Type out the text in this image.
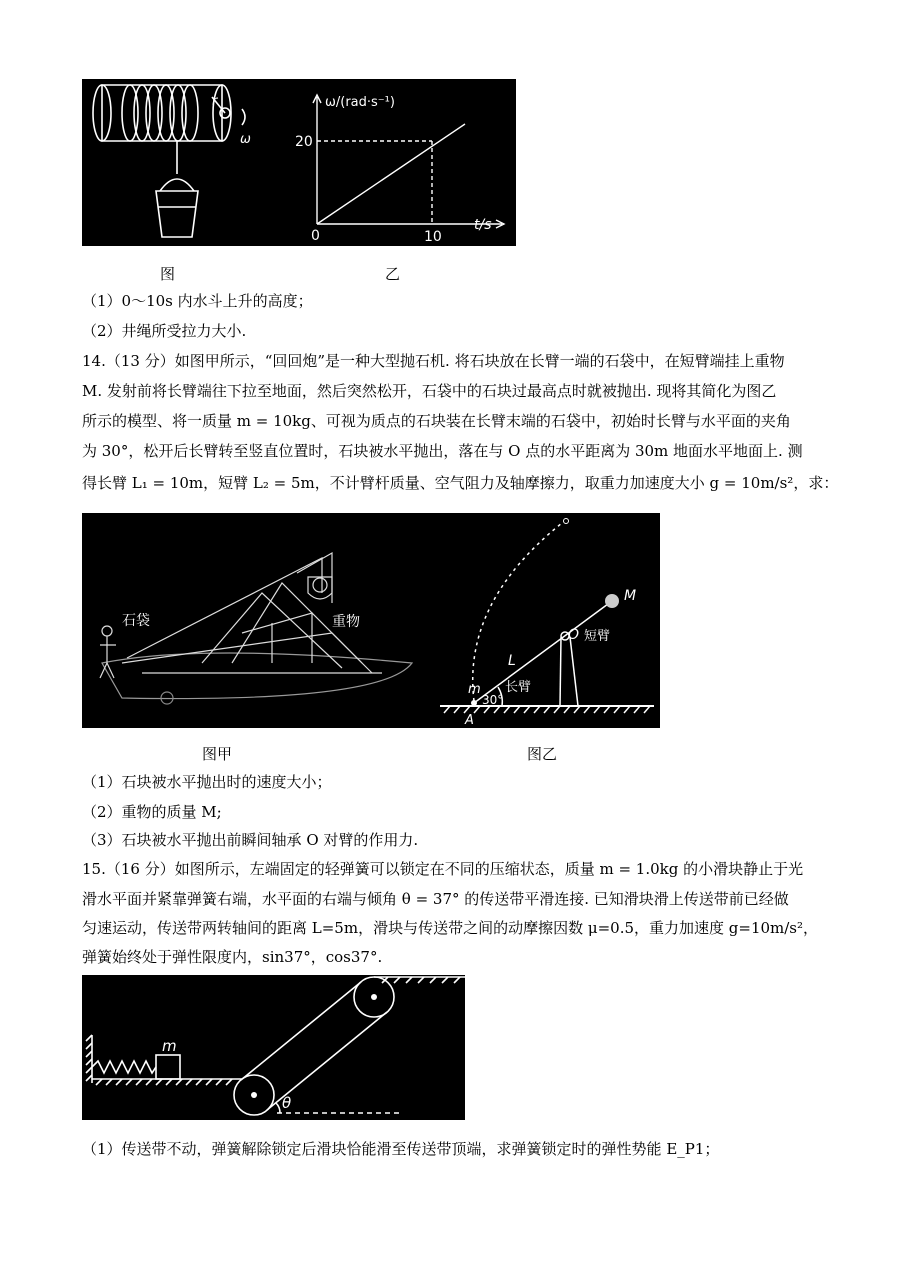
r
ω
ω/(rad·s⁻¹)
t/s
0
20
10
图	乙
（1）0～10s 内水斗上升的高度；
（2）井绳所受拉力大小.
14.（13 分）如图甲所示，“回回炮”是一种大型抛石机. 将石块放在长臂一端的石袋中，在短臂端挂上重物
M. 发射前将长臂端往下拉至地面，然后突然松开，石袋中的石块过最高点时就被抛出. 现将其简化为图乙
所示的模型、将一质量 m = 10kg、可视为质点的石块装在长臂末端的石袋中，初始时长臂与水平面的夹角
为 30°，松开后长臂转至竖直位置时，石块被水平抛出，落在与 O 点的水平距离为 30m 地面水平地面上. 测
得长臂 L₁ = 10m，短臂 L₂ = 5m，不计臂杆质量、空气阻力及轴摩擦力，取重力加速度大小 g = 10m/s²，求：
石袋	重物
M
O 短臂
L
长臂
m
30°
A
图甲	图乙
（1）石块被水平抛出时的速度大小；
（2）重物的质量 M;
（3）石块被水平抛出前瞬间轴承 O 对臂的作用力.
15.（16 分）如图所示，左端固定的轻弹簧可以锁定在不同的压缩状态，质量 m = 1.0kg 的小滑块静止于光
滑水平面并紧靠弹簧右端，水平面的右端与倾角 θ = 37° 的传送带平滑连接. 已知滑块滑上传送带前已经做
匀速运动，传送带两转轴间的距离 L=5m，滑块与传送带之间的动摩擦因数 μ=0.5，重力加速度 g=10m/s²，
弹簧始终处于弹性限度内，sin37°，cos37°.
m
θ
（1）传送带不动，弹簧解除锁定后滑块恰能滑至传送带顶端，求弹簧锁定时的弹性势能 E_P1；
